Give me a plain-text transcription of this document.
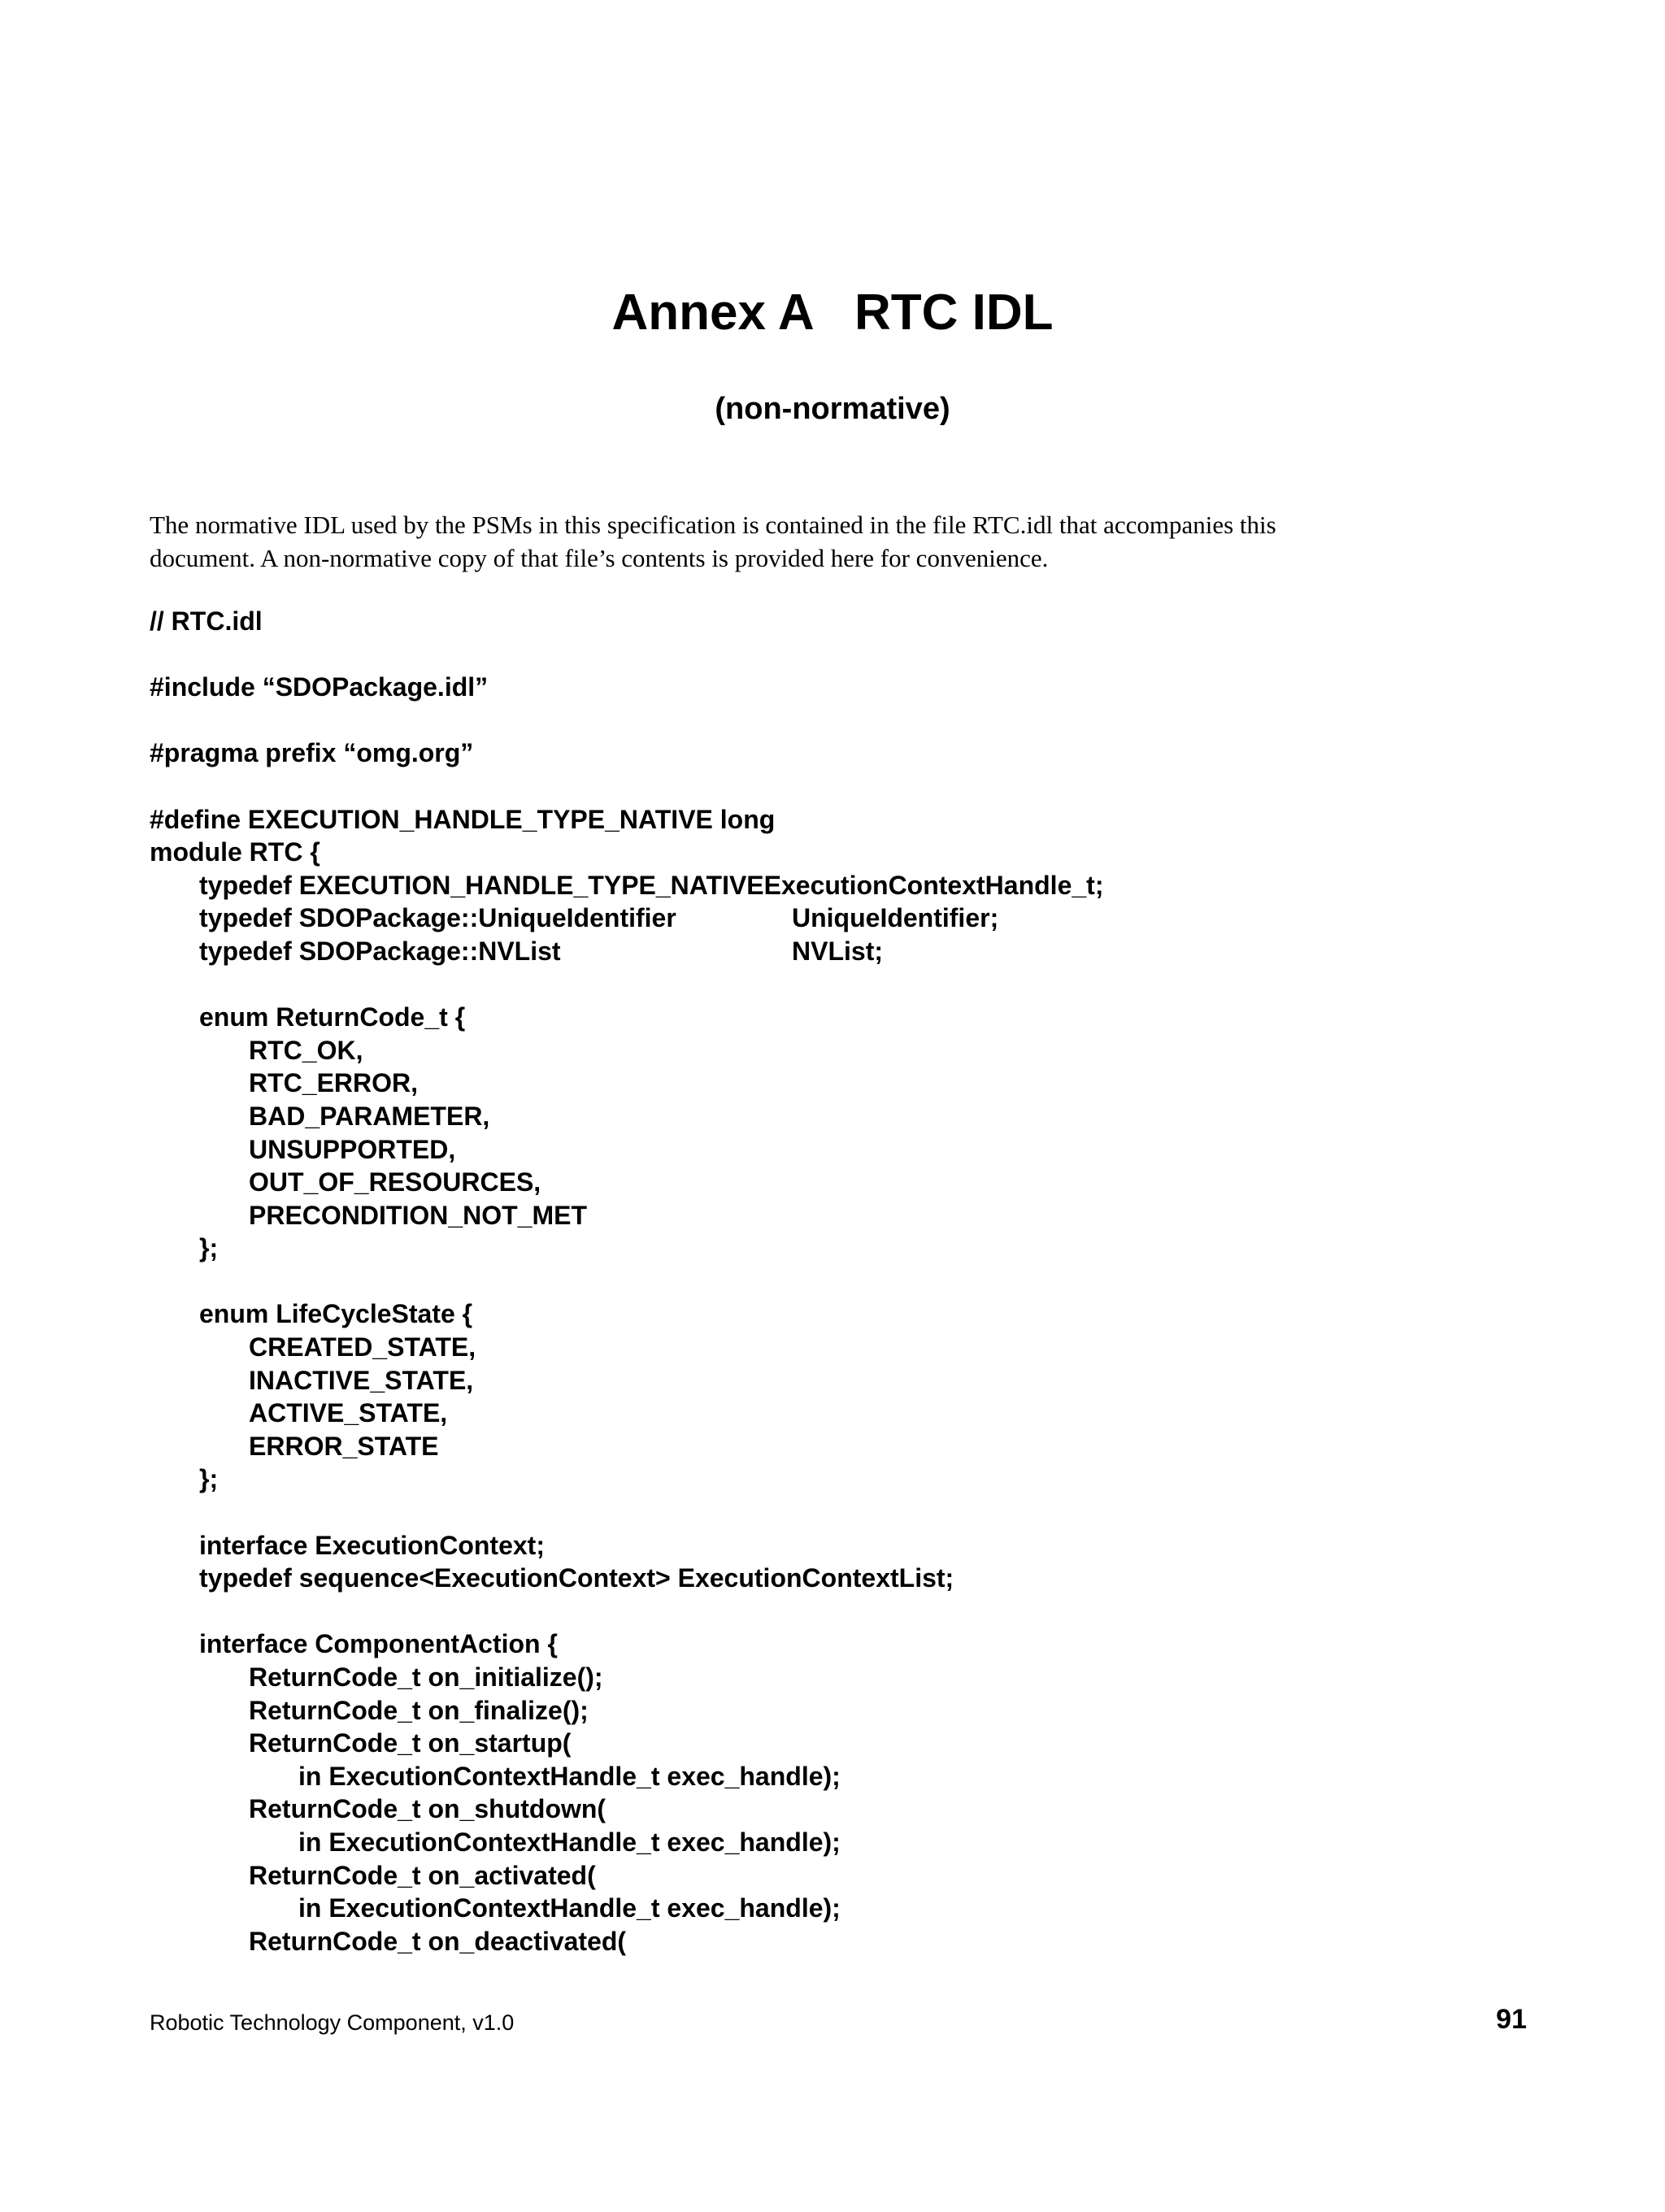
Annex A   RTC IDL
(non-normative)

The normative IDL used by the PSMs in this specification is contained in the file RTC.idl that accompanies this

document. A non-normative copy of that file’s contents is provided here for convenience.

// RTC.idl
#include “SDOPackage.idl”
#pragma prefix “omg.org”
#define EXECUTION_HANDLE_TYPE_NATIVE long
module RTC {
typedef EXECUTION_HANDLE_TYPE_NATIVEExecutionContextHandle_t;
typedef SDOPackage::UniqueIdentifier	UniqueIdentifier;
typedef SDOPackage::NVList	NVList;
enum ReturnCode_t {
RTC_OK,
RTC_ERROR,
BAD_PARAMETER,
UNSUPPORTED,
OUT_OF_RESOURCES,
PRECONDITION_NOT_MET
};
enum LifeCycleState {
CREATED_STATE,
INACTIVE_STATE,
ACTIVE_STATE,
ERROR_STATE
};
interface ExecutionContext;
typedef sequence<ExecutionContext> ExecutionContextList;
interface ComponentAction {
ReturnCode_t on_initialize();
ReturnCode_t on_finalize();
ReturnCode_t on_startup(
in ExecutionContextHandle_t exec_handle);
ReturnCode_t on_shutdown(
in ExecutionContextHandle_t exec_handle);
ReturnCode_t on_activated(
in ExecutionContextHandle_t exec_handle);
ReturnCode_t on_deactivated(
Robotic Technology Component, v1.0	91
